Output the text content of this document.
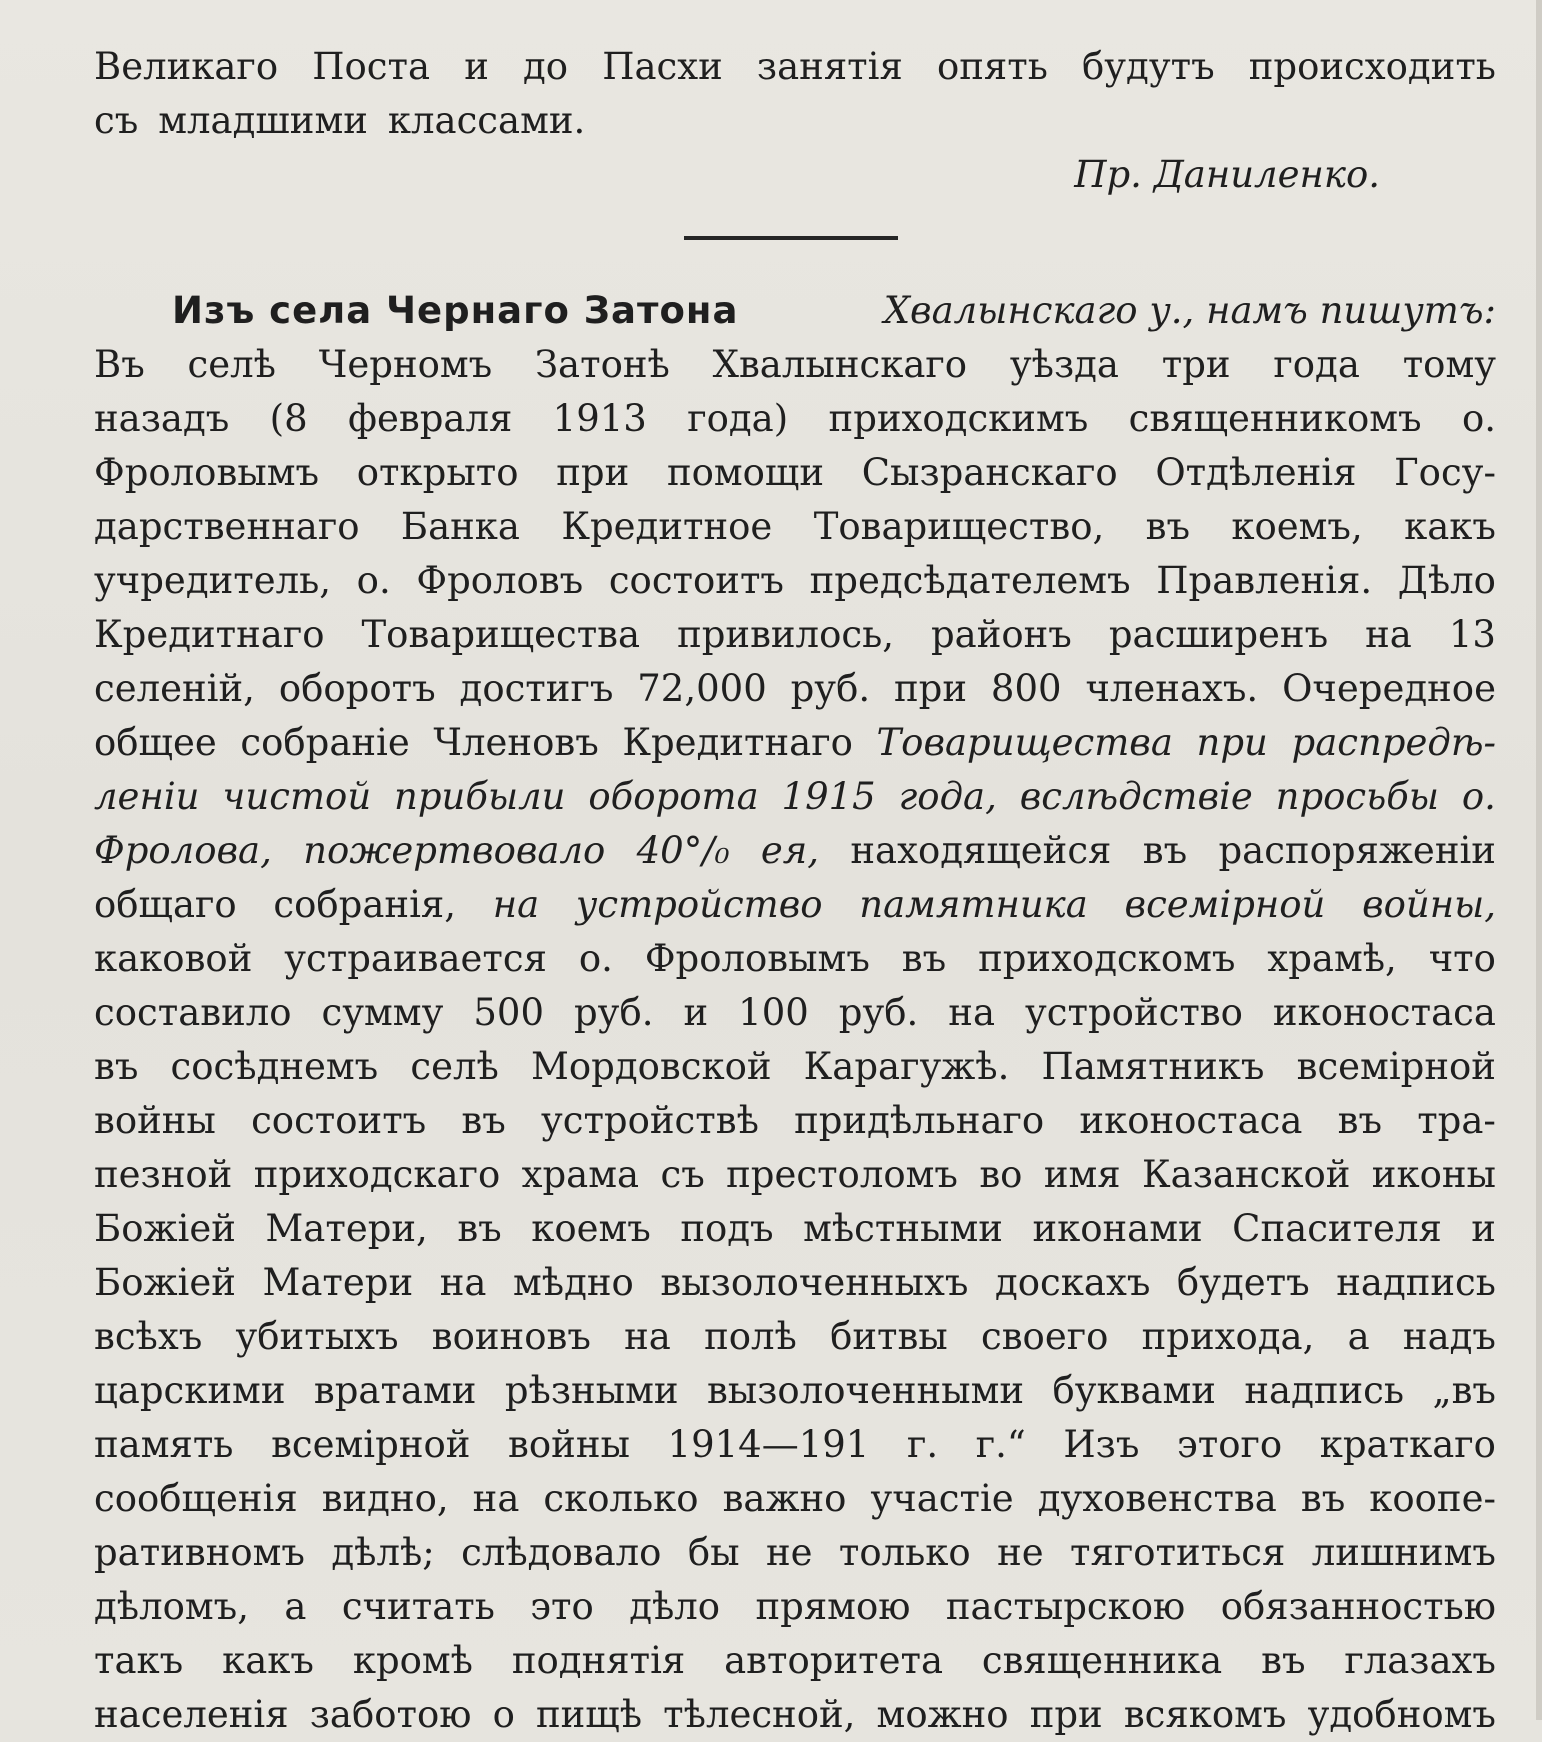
Великаго Поста и до Пасхи занятія опять будутъ происходить
съ младшими классами.
Пр. Даниленко.
Изъ села Чернаго Затона	Хвалынскаго у., намъ пишутъ:
Въ селѣ Черномъ Затонѣ Хвалынскаго уѣзда три года тому
назадъ (8 февраля 1913 года) приходскимъ священникомъ о.
Фроловымъ открыто при помощи Сызранскаго Отдѣленія Госу-
дарственнаго Банка Кредитное Товарищество, въ коемъ, какъ
учредитель, о. Фроловъ состоитъ предсѣдателемъ Правленія. Дѣло
Кредитнаго Товарищества привилось, районъ расширенъ на 13
селеній, оборотъ достигъ 72,000 руб. при 800 членахъ. Очередное
общее собраніе Членовъ Кредитнаго Товарищества при распредѣ-
леніи чистой прибыли оборота 1915 года, вслѣдствіе просьбы о.
Фролова, пожертвовало 40°/₀ ея, находящейся въ распоряженіи
общаго собранія, на устройство памятника всемірной войны,
каковой устраивается о. Фроловымъ въ приходскомъ храмѣ, что
составило сумму 500 руб. и 100 руб. на устройство иконостаса
въ сосѣднемъ селѣ Мордовской Карагужѣ. Памятникъ всемірной
войны состоитъ въ устройствѣ придѣльнаго иконостаса въ тра-
пезной приходскаго храма съ престоломъ во имя Казанской иконы
Божіей Матери, въ коемъ подъ мѣстными иконами Спасителя и
Божіей Матери на мѣдно вызолоченныхъ доскахъ будетъ надпись
всѣхъ убитыхъ воиновъ на полѣ битвы своего прихода, а надъ
царскими вратами рѣзными вызолоченными буквами надпись „въ
память всемірной войны 1914—191 г. г.“ Изъ этого краткаго
сообщенія видно, на сколько важно участіе духовенства въ коопе-
ративномъ дѣлѣ; слѣдовало бы не только не тяготиться лишнимъ
дѣломъ, а считать это дѣло прямою пастырскою обязанностью
такъ какъ кромѣ поднятія авторитета священника въ глазахъ
населенія заботою о пищѣ тѣлесной, можно при всякомъ удобномъ
